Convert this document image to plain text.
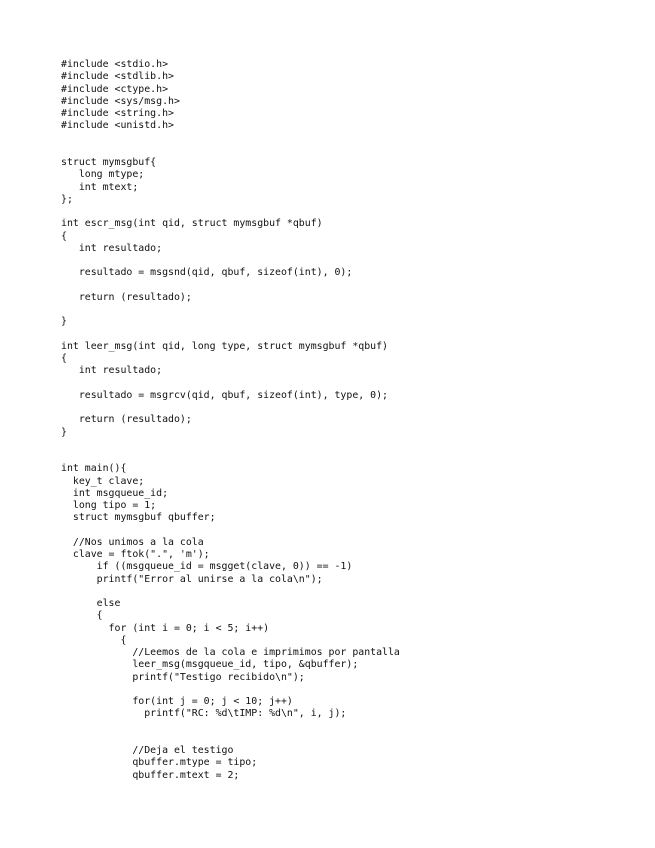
#include <stdio.h>
#include <stdlib.h>
#include <ctype.h>
#include <sys/msg.h>
#include <string.h>
#include <unistd.h>
struct mymsgbuf{
long mtype;
int mtext;
};
int escr_msg(int qid, struct mymsgbuf *qbuf)
{
int resultado;
resultado = msgsnd(qid, qbuf, sizeof(int), 0);
return (resultado);
}
int leer_msg(int qid, long type, struct mymsgbuf *qbuf)
{
int resultado;
resultado = msgrcv(qid, qbuf, sizeof(int), type, 0);
return (resultado);
}
int main(){
key_t clave;
int msgqueue_id;
long tipo = 1;
struct mymsgbuf qbuffer;
//Nos unimos a la cola
clave = ftok(".", 'm');
if ((msgqueue_id = msgget(clave, 0)) == -1)
printf("Error al unirse a la cola\n");
else
{
for (int i = 0; i < 5; i++)
{
//Leemos de la cola e imprimimos por pantalla
leer_msg(msgqueue_id, tipo, &qbuffer);
printf("Testigo recibido\n");
for(int j = 0; j < 10; j++)
printf("RC: %d\tIMP: %d\n", i, j);
//Deja el testigo
qbuffer.mtype = tipo;
qbuffer.mtext = 2;
